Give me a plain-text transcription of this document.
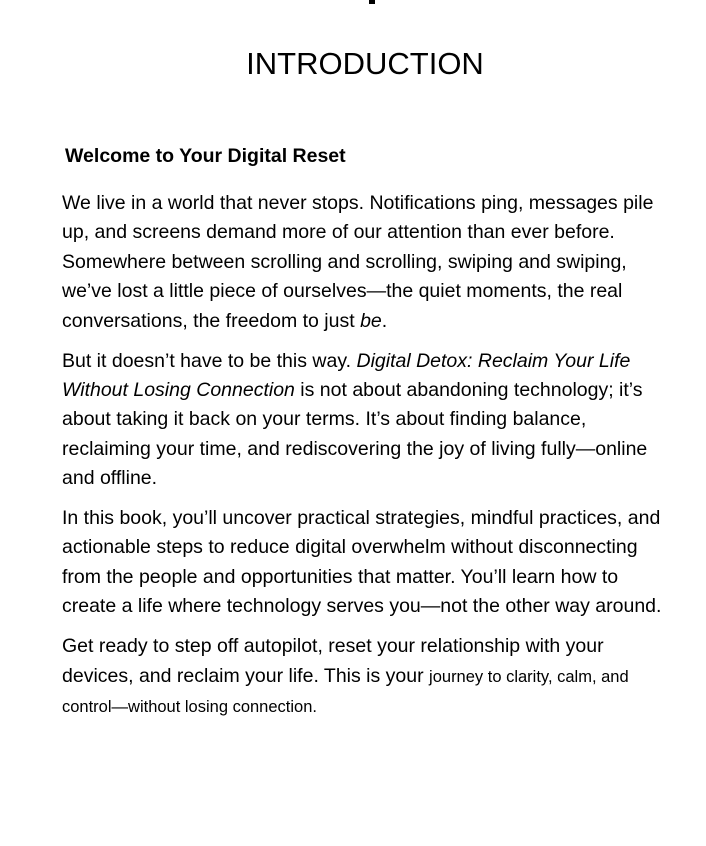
INTRODUCTION
Welcome to Your Digital Reset

We live in a world that never stops. Notifications ping, messages pile up, and screens demand more of our attention than ever before. Somewhere between scrolling and scrolling, swiping and swiping, we’ve lost a little piece of ourselves—the quiet moments, the real conversations, the freedom to just be.

But it doesn’t have to be this way. Digital Detox: Reclaim Your Life Without Losing Connection is not about abandoning technology; it’s about taking it back on your terms. It’s about finding balance, reclaiming your time, and rediscovering the joy of living fully—online and offline.

In this book, you’ll uncover practical strategies, mindful practices, and actionable steps to reduce digital overwhelm without disconnecting from the people and opportunities that matter. You’ll learn how to create a life where technology serves you—not the other way around.

Get ready to step off autopilot, reset your relationship with your devices, and reclaim your life. This is your journey to clarity, calm, and control—without losing connection.
